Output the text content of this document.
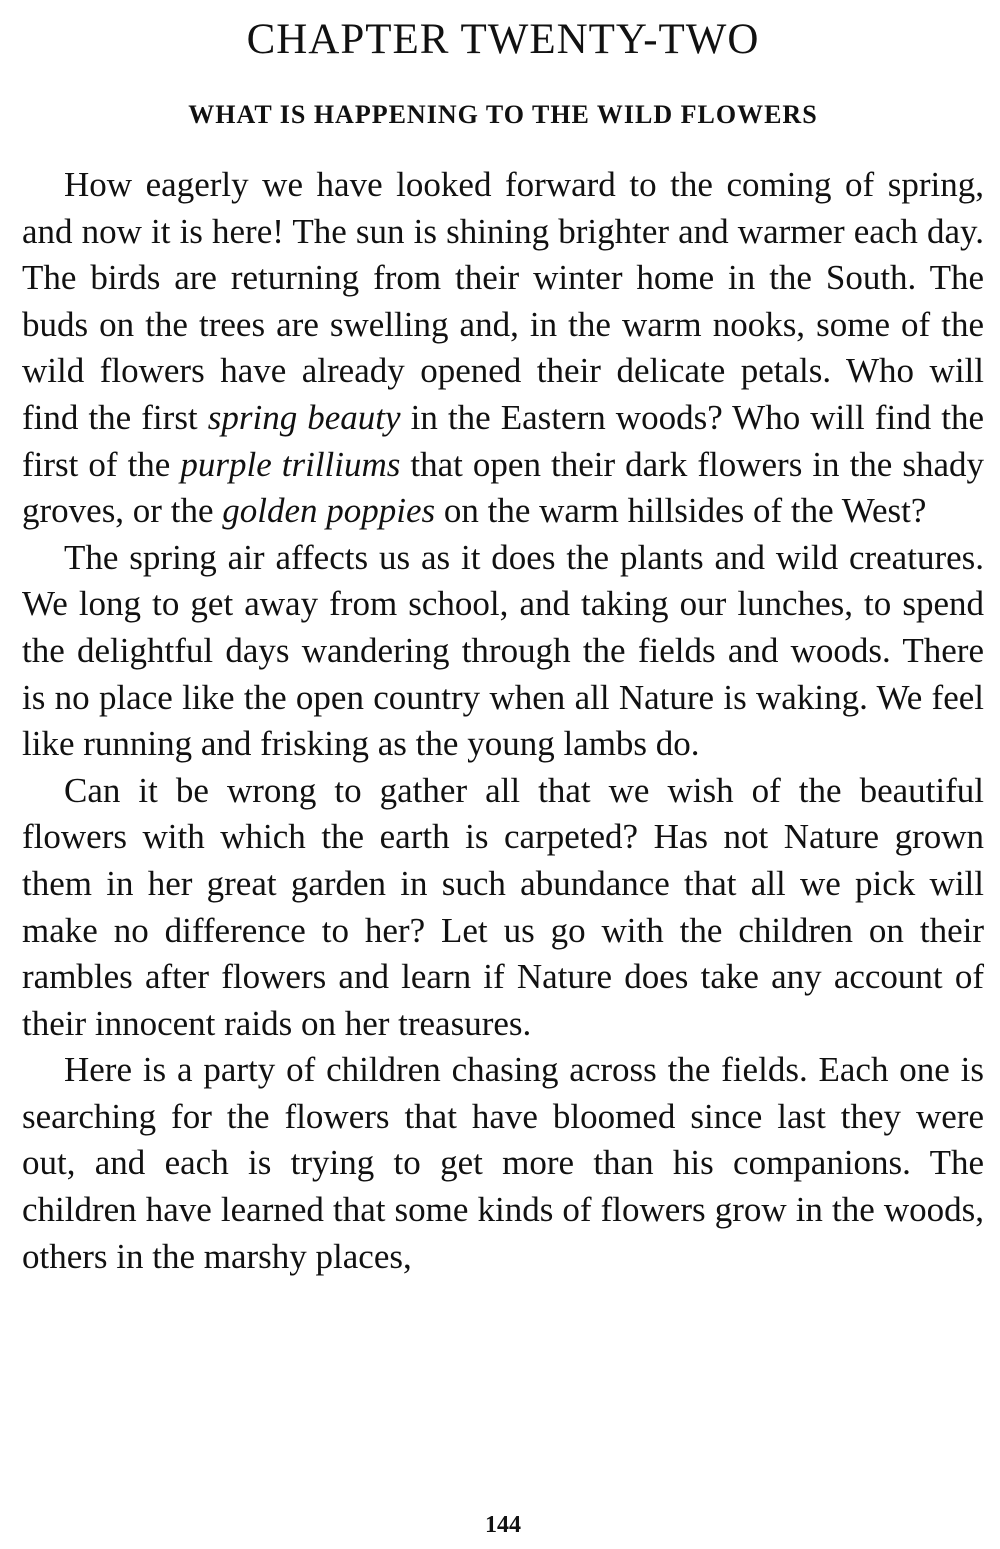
CHAPTER TWENTY-TWO
WHAT IS HAPPENING TO THE WILD FLOWERS

How eagerly we have looked forward to the coming of spring, and now it is here! The sun is shining brighter and warmer each day. The birds are returning from their winter home in the South. The buds on the trees are swelling and, in the warm nooks, some of the wild flowers have already opened their delicate petals. Who will find the first spring beauty in the Eastern woods? Who will find the first of the purple trilliums that open their dark flowers in the shady groves, or the golden poppies on the warm hillsides of the West?

The spring air affects us as it does the plants and wild creatures. We long to get away from school, and taking our lunches, to spend the delightful days wandering through the fields and woods. There is no place like the open country when all Nature is waking. We feel like running and frisking as the young lambs do.

Can it be wrong to gather all that we wish of the beautiful flowers with which the earth is carpeted? Has not Nature grown them in her great garden in such abundance that all we pick will make no difference to her? Let us go with the children on their rambles after flowers and learn if Nature does take any account of their innocent raids on her treasures.

Here is a party of children chasing across the fields. Each one is searching for the flowers that have bloomed since last they were out, and each is trying to get more than his companions. The children have learned that some kinds of flowers grow in the woods, others in the marshy places,

144
